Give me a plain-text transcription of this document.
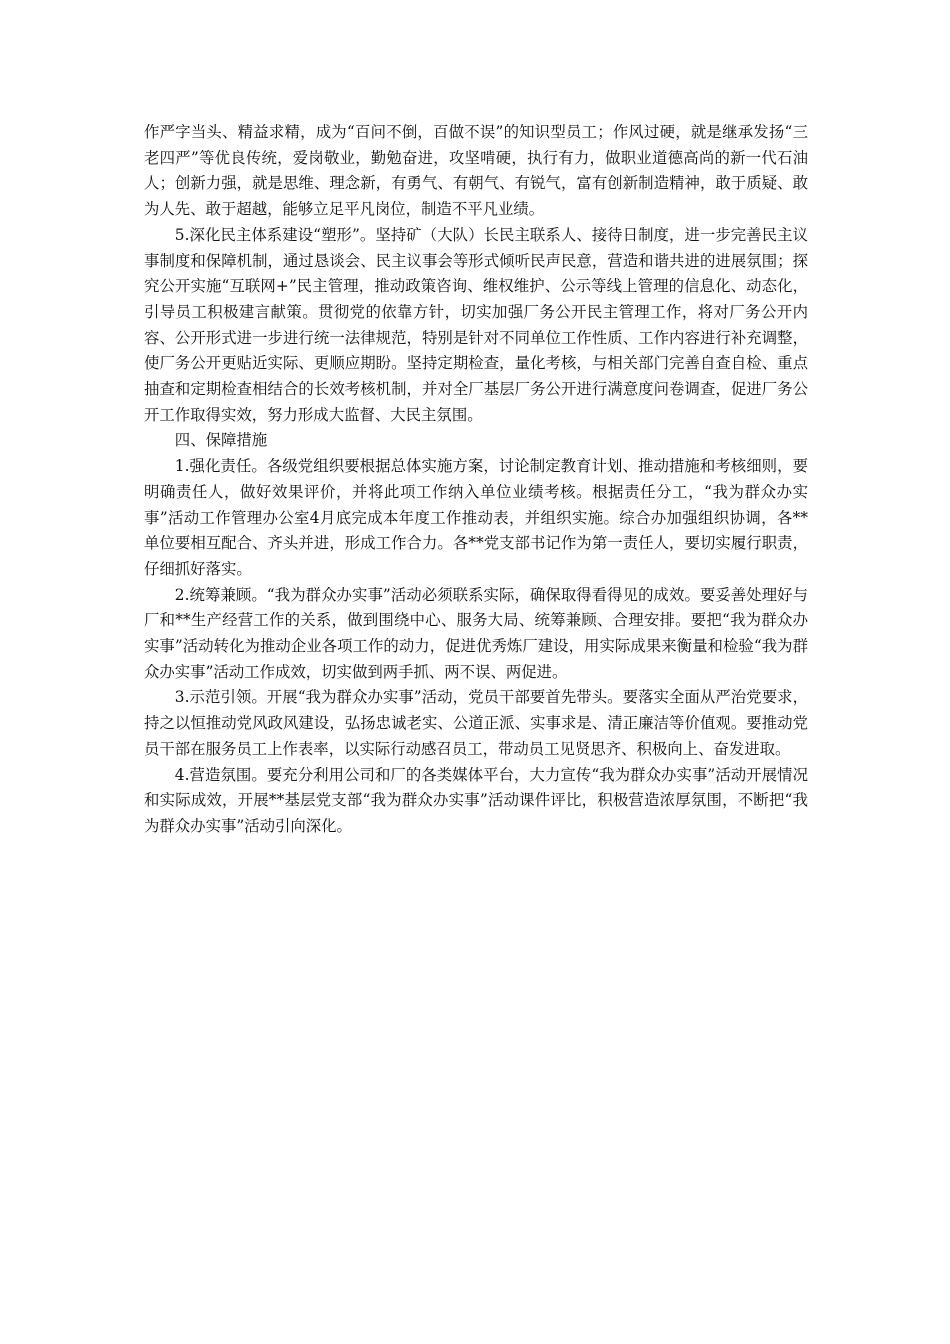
作严字当头、精益求精，成为“百问不倒，百做不误”的知识型员工；作风过硬，就是继承发扬“三老四严”等优良传统，爱岗敬业，勤勉奋进，攻坚啃硬，执行有力，做职业道德高尚的新一代石油人；创新力强，就是思维、理念新，有勇气、有朝气、有锐气，富有创新制造精神，敢于质疑、敢为人先、敢于超越，能够立足平凡岗位，制造不平凡业绩。

5.深化民主体系建设“塑形”。坚持矿（大队）长民主联系人、接待日制度，进一步完善民主议事制度和保障机制，通过恳谈会、民主议事会等形式倾听民声民意，营造和谐共进的进展氛围；探究公开实施“互联网+”民主管理，推动政策咨询、维权维护、公示等线上管理的信息化、动态化，引导员工积极建言献策。贯彻党的依靠方针，切实加强厂务公开民主管理工作，将对厂务公开内容、公开形式进一步进行统一法律规范，特别是针对不同单位工作性质、工作内容进行补充调整，使厂务公开更贴近实际、更顺应期盼。坚持定期检查，量化考核，与相关部门完善自查自检、重点抽查和定期检查相结合的长效考核机制，并对全厂基层厂务公开进行满意度问卷调查，促进厂务公开工作取得实效，努力形成大监督、大民主氛围。

四、保障措施

1.强化责任。各级党组织要根据总体实施方案，讨论制定教育计划、推动措施和考核细则，要明确责任人，做好效果评价，并将此项工作纳入单位业绩考核。根据责任分工，“我为群众办实事”活动工作管理办公室4月底完成本年度工作推动表，并组织实施。综合办加强组织协调，各**单位要相互配合、齐头并进，形成工作合力。各**党支部书记作为第一责任人，要切实履行职责，仔细抓好落实。

2.统筹兼顾。“我为群众办实事”活动必须联系实际，确保取得看得见的成效。要妥善处理好与厂和**生产经营工作的关系，做到围绕中心、服务大局、统筹兼顾、合理安排。要把“我为群众办实事”活动转化为推动企业各项工作的动力，促进优秀炼厂建设，用实际成果来衡量和检验“我为群众办实事”活动工作成效，切实做到两手抓、两不误、两促进。

3.示范引领。开展“我为群众办实事”活动，党员干部要首先带头。要落实全面从严治党要求，持之以恒推动党风政风建设，弘扬忠诚老实、公道正派、实事求是、清正廉洁等价值观。要推动党员干部在服务员工上作表率，以实际行动感召员工，带动员工见贤思齐、积极向上、奋发进取。

4.营造氛围。要充分利用公司和厂的各类媒体平台，大力宣传“我为群众办实事”活动开展情况和实际成效，开展**基层党支部“我为群众办实事”活动课件评比，积极营造浓厚氛围，不断把“我为群众办实事”活动引向深化。
